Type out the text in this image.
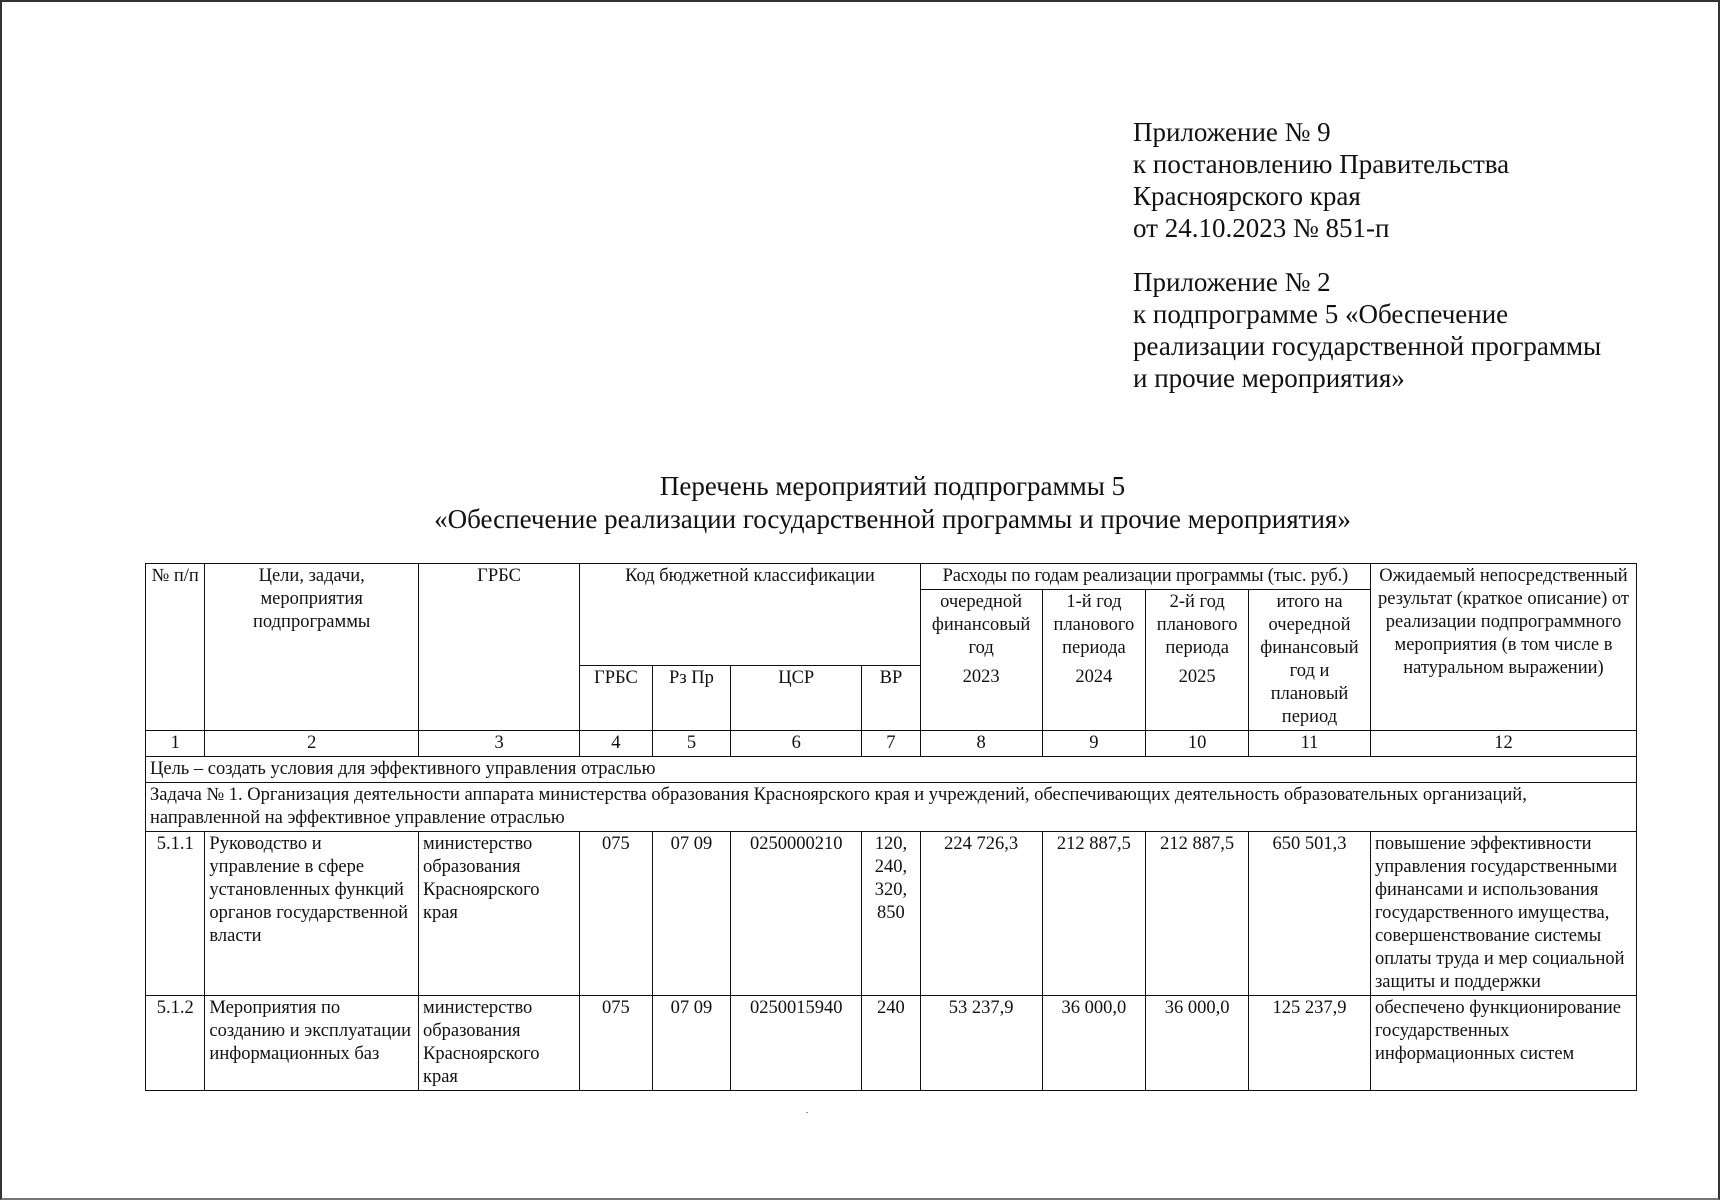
Приложение № 9
к постановлению Правительства
Красноярского края
от 24.10.2023 № 851-п
Приложение № 2
к подпрограмме 5 «Обеспечение
реализации государственной программы
и прочие мероприятия»
Перечень мероприятий подпрограммы 5
«Обеспечение реализации государственной программы и прочие мероприятия»
№ п/п	Цели, задачи, мероприятия подпрограммы	ГРБС	Код бюджетной классификации				Расходы по годам реализации программы (тыс. руб.)				Ожидаемый непосредственный результат (краткое описание) от реализации подпрограммного мероприятия (в том числе в натуральном выражении)
							очередной финансовый год	1-й год планового периода	2-й год планового периода	итого на очередной финансовый год и плановый период	
			ГРБС	Рз Пр	ЦСР	ВР	2023	2024	2025		
1	2	3	4	5	6	7	8	9	10	11	12
Цель – создать условия для эффективного управления отраслью											
Задача № 1. Организация деятельности аппарата министерства образования Красноярского края и учреждений, обеспечивающих деятельность образовательных организаций, направленной на эффективное управление отраслью											
5.1.1	Руководство и управление в сфере установленных функций органов государственной власти	министерство образования Красноярского края	075	07 09	0250000210	120, 240, 320, 850	224 726,3	212 887,5	212 887,5	650 501,3	повышение эффективности управления государственными финансами и использования государственного имущества, совершенствование системы оплаты труда и мер социальной защиты и поддержки
5.1.2	Мероприятия по созданию и эксплуатации информационных баз	министерство образования Красноярского края	075	07 09	0250015940	240	53 237,9	36 000,0	36 000,0	125 237,9	обеспечено функционирование государственных информационных систем
